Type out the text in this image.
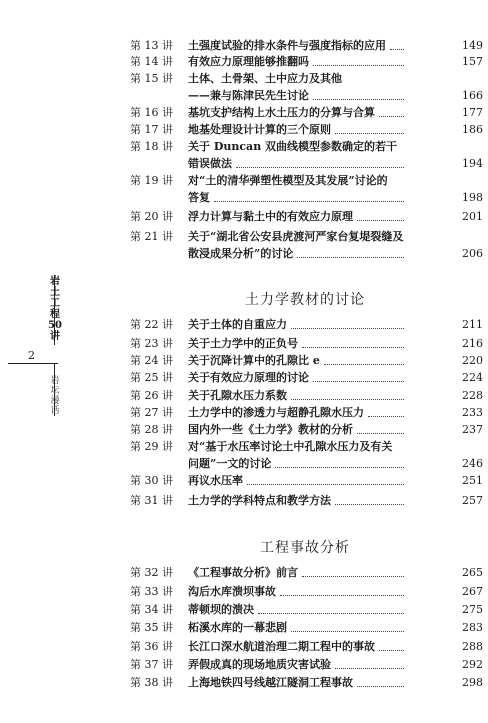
第 13 讲 土强度试验的排水条件与强度指标的应用	149
第 14 讲 有效应力原理能够推翻吗	157
第 15 讲 土体、土骨架、土中应力及其他
——兼与陈津民先生讨论	166
第 16 讲 基坑支护结构上水土压力的分算与合算	177
第 17 讲 地基处理设计计算的三个原则	186
第 18 讲 关于 Duncan 双曲线模型参数确定的若干
错误做法	194
第 19 讲 对“土的清华弹塑性模型及其发展”讨论的
答复	198
第 20 讲 浮力计算与黏土中的有效应力原理	201
第 21 讲 关于“湖北省公安县虎渡河严家台复堤裂缝及
散浸成果分析”的讨论	206
土力学教材的讨论
第 22 讲 关于土体的自重应力	211
第 23 讲 关于土力学中的正负号	216
第 24 讲 关于沉降计算中的孔隙比 e	220
第 25 讲 关于有效应力原理的讨论	224
第 26 讲 关于孔隙水压力系数	228
第 27 讲 土力学中的渗透力与超静孔隙水压力	233
第 28 讲 国内外一些《土力学》教材的分析	237
第 29 讲 对“基于水压率讨论土中孔隙水压力及有关
问题”一文的讨论	246
第 30 讲 再议水压率	251
第 31 讲 土力学的学科特点和教学方法	257
工程事故分析
第 32 讲 《工程事故分析》前言	265
第 33 讲 沟后水库溃坝事故	267
第 34 讲 蒂顿坝的溃决	275
第 35 讲 柘溪水库的一幕悲剧	283
第 36 讲 长江口深水航道治理二期工程中的事故	288
第 37 讲 弄假成真的现场地质灾害试验	292
第 38 讲 上海地铁四号线越江隧洞工程事故	298
岩
土
工
程
50
讲
2
岩
坛
漫
话
